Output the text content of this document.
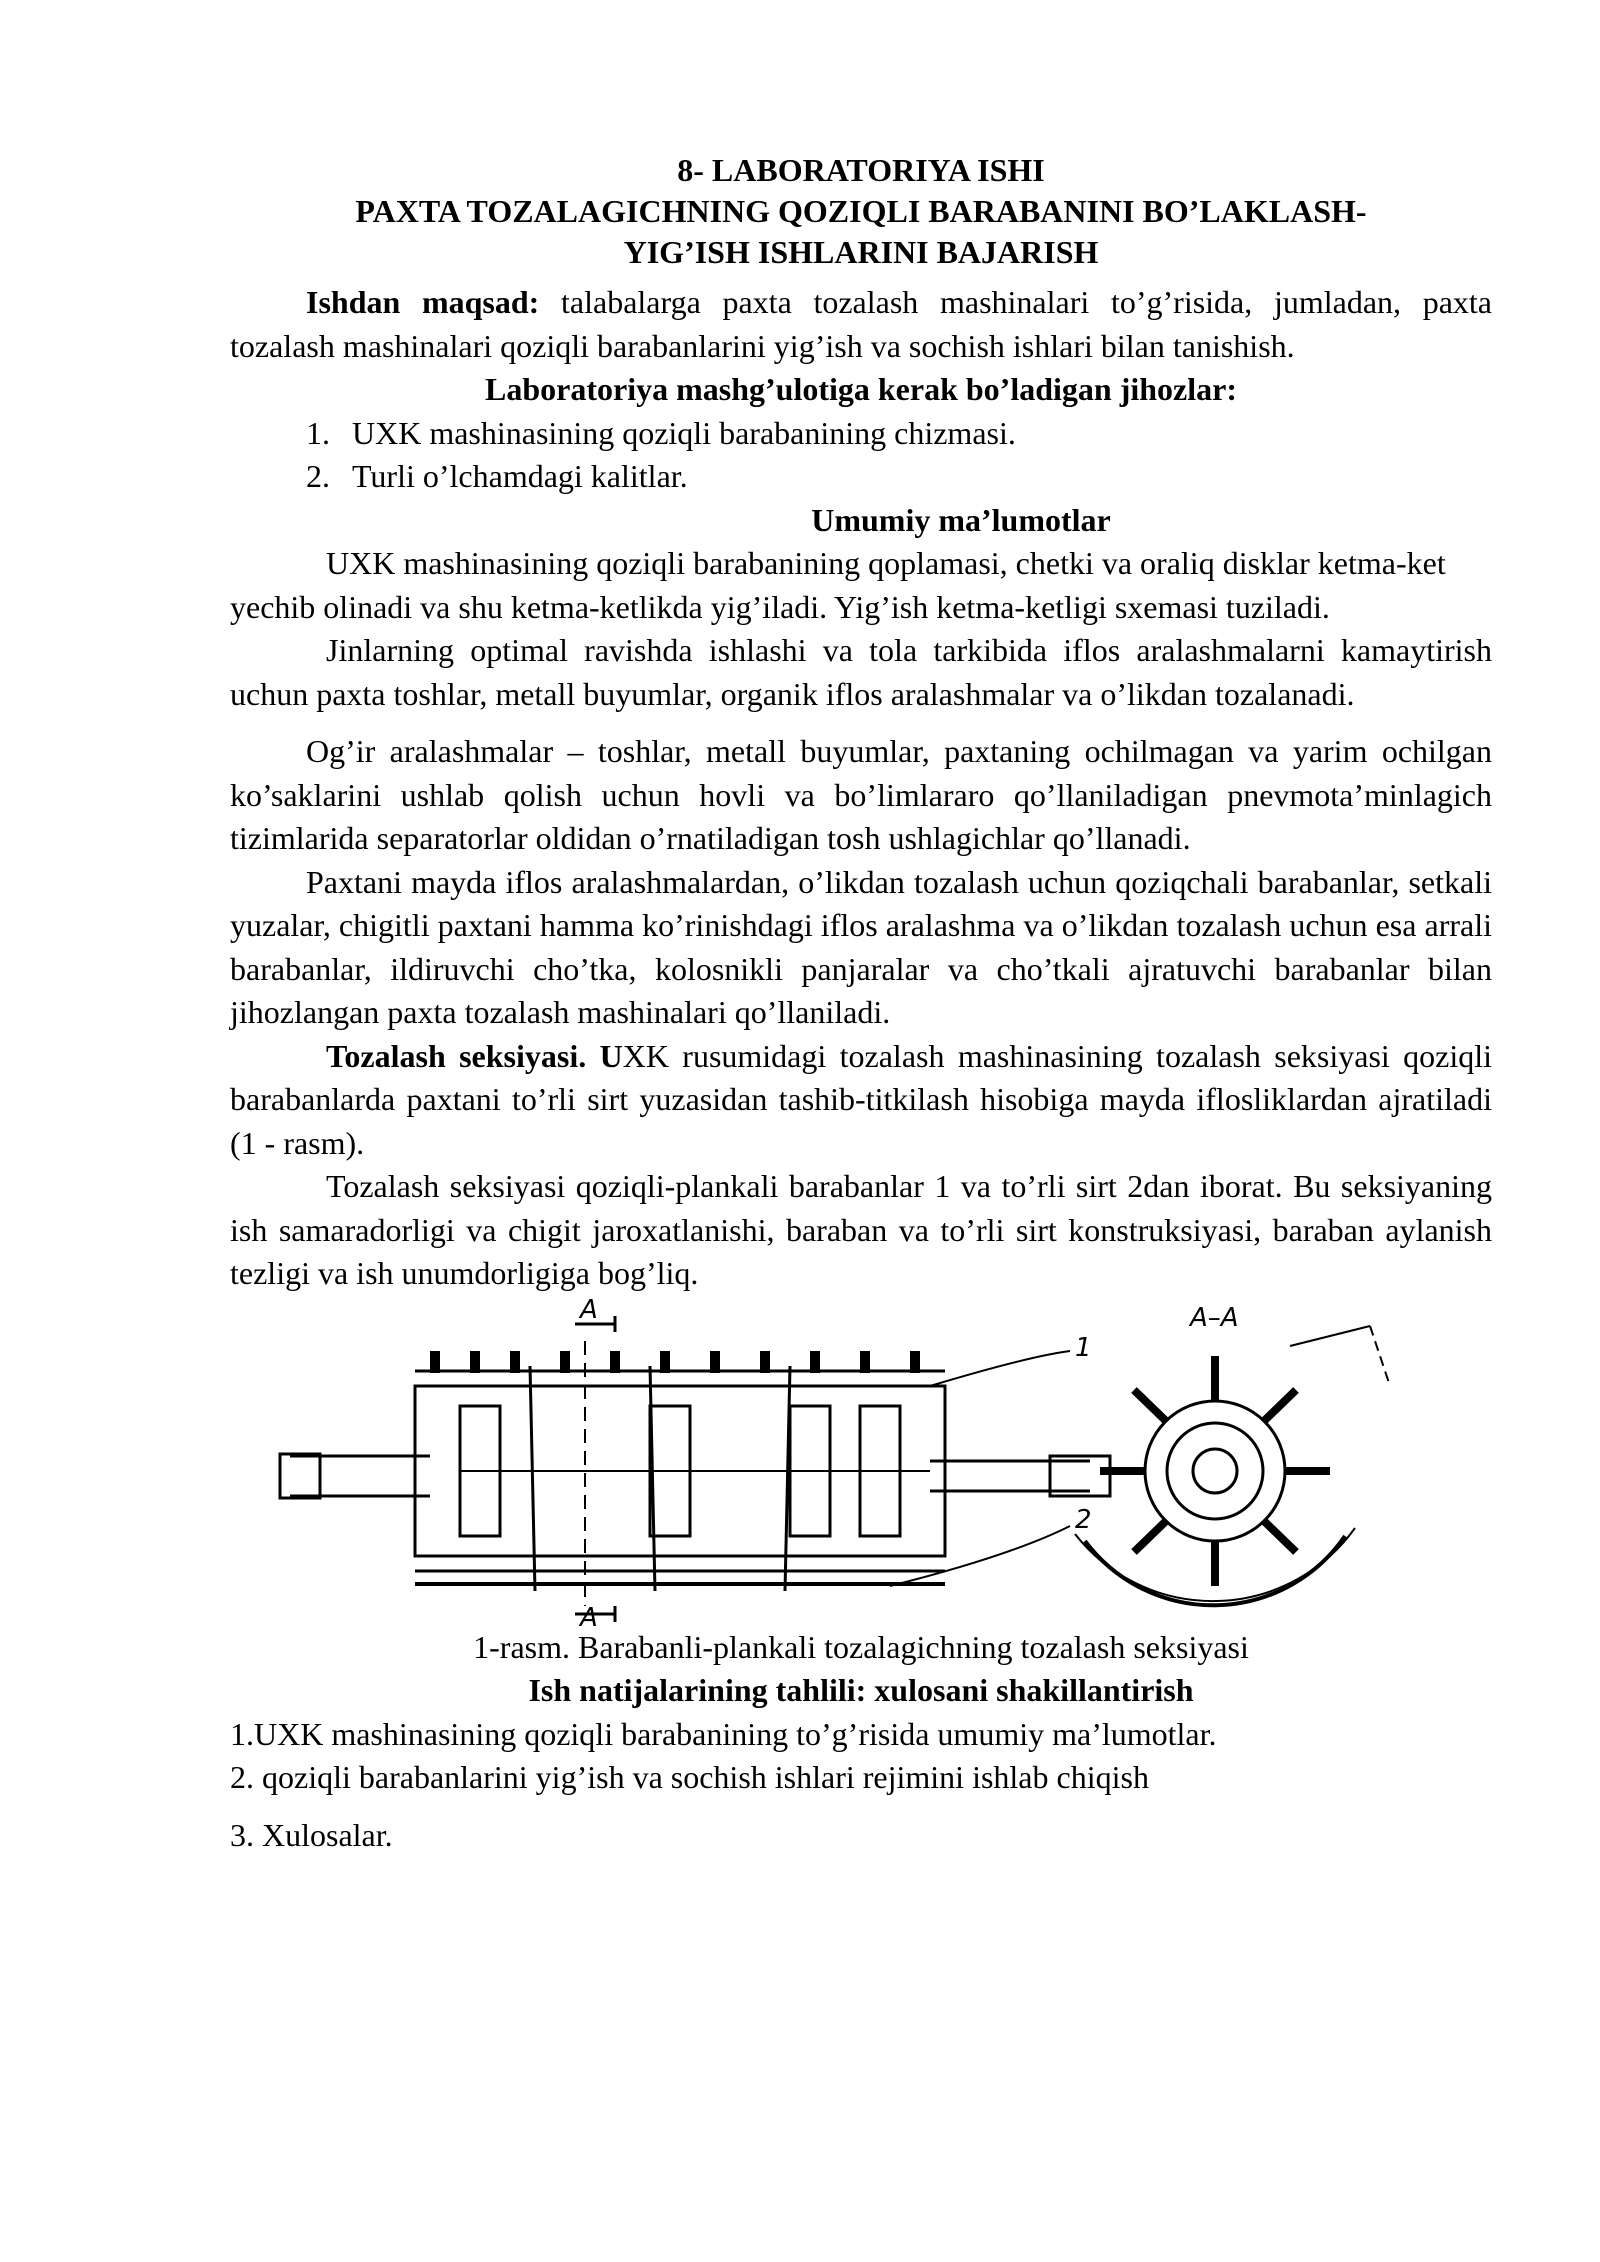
8- LABORATORIYA ISHI
PAXTA TOZALAGICHNING QOZIQLI BARABANINI BO’LAKLASH-
YIG’ISH ISHLARINI BAJARISH

Ishdan maqsad: talabalarga paxta tozalash mashinalari to’g’risida, jumladan, paxta tozalash mashinalari qoziqli barabanlarini yig’ish va sochish ishlari bilan tanishish.

Laboratoriya mashg’ulotiga kerak bo’ladigan jihozlar:
1. UXK mashinasining qoziqli barabanining chizmasi.
2. Turli o’lchamdagi kalitlar.
Umumiy ma’lumotlar

UXK mashinasining qoziqli barabanining qoplamasi, chetki va oraliq disklar ketma-ket yechib olinadi va shu ketma-ketlikda yig’iladi. Yig’ish ketma-ketligi sxemasi tuziladi.

Jinlarning optimal ravishda ishlashi va tola tarkibida iflos aralashmalarni kamaytirish uchun paxta toshlar, metall buyumlar, organik iflos aralashmalar va o’likdan tozalanadi.

Og’ir aralashmalar – toshlar, metall buyumlar, paxtaning ochilmagan va yarim ochilgan ko’saklarini ushlab qolish uchun hovli va bo’limlararo qo’llaniladigan pnevmota’minlagich tizimlarida separatorlar oldidan o’rnatiladigan tosh ushlagichlar qo’llanadi.

Paxtani mayda iflos aralashmalardan, o’likdan tozalash uchun qoziqchali barabanlar, setkali yuzalar, chigitli paxtani hamma ko’rinishdagi iflos aralashma va o’likdan tozalash uchun esa arrali barabanlar, ildiruvchi cho’tka, kolosnikli panjaralar va cho’tkali ajratuvchi barabanlar bilan jihozlangan paxta tozalash mashinalari qo’llaniladi.

Tozalash seksiyasi. UXK rusumidagi tozalash mashinasining tozalash seksiyasi qoziqli barabanlarda paxtani to’rli sirt yuzasidan tashib-titkilash hisobiga mayda iflosliklardan ajratiladi (1 - rasm).

Tozalash seksiyasi qoziqli-plankali barabanlar 1 va to’rli sirt 2dan iborat. Bu seksiyaning ish samaradorligi va chigit jaroxatlanishi, baraban va to’rli sirt konstruksiyasi, baraban aylanish tezligi va ish unumdorligiga bog’liq.

A
A
A–A
1
2
1-rasm. Barabanli-plankali tozalagichning tozalash seksiyasi
Ish natijalarining tahlili: xulosani shakillantirish
1.UXK mashinasining qoziqli barabanining to’g’risida umumiy ma’lumotlar.
2. qoziqli barabanlarini yig’ish va sochish ishlari rejimini ishlab chiqish
3. Xulosalar.
